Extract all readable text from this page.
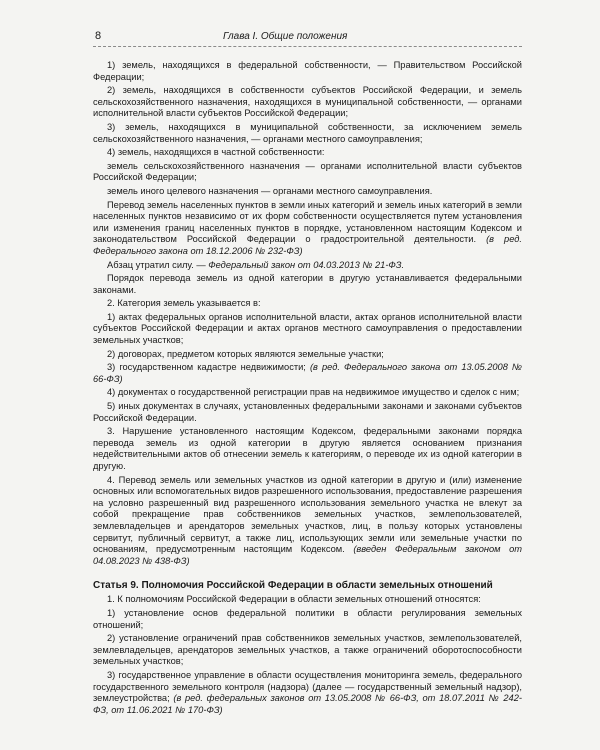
8	Глава I. Общие положения

1) земель, находящихся в федеральной собственности, — Правительством Российской Федерации;

2) земель, находящихся в собственности субъектов Российской Федерации, и земель сельскохозяйственного назначения, находящихся в муниципальной собственности, — органами исполнительной власти субъектов Российской Федерации;

3) земель, находящихся в муниципальной собственности, за исключением земель сельскохозяйственного назначения, — органами местного самоуправления;

4) земель, находящихся в частной собственности:

земель сельскохозяйственного назначения — органами исполнительной власти субъектов Российской Федерации;

земель иного целевого назначения — органами местного самоуправления.

Перевод земель населенных пунктов в земли иных категорий и земель иных категорий в земли населенных пунктов независимо от их форм собственности осуществляется путем установления или изменения границ населенных пунктов в порядке, установленном настоящим Кодексом и законодательством Российской Федерации о градостроительной деятельности. (в ред. Федерального закона от 18.12.2006 № 232-ФЗ)

Абзац утратил силу. — Федеральный закон от 04.03.2013 № 21-ФЗ.

Порядок перевода земель из одной категории в другую устанавливается федеральными законами.

2. Категория земель указывается в:

1) актах федеральных органов исполнительной власти, актах органов исполнительной власти субъектов Российской Федерации и актах органов местного самоуправления о предоставлении земельных участков;

2) договорах, предметом которых являются земельные участки;

3) государственном кадастре недвижимости; (в ред. Федерального закона от 13.05.2008 № 66-ФЗ)

4) документах о государственной регистрации прав на недвижимое имущество и сделок с ним;

5) иных документах в случаях, установленных федеральными законами и законами субъектов Российской Федерации.

3. Нарушение установленного настоящим Кодексом, федеральными законами порядка перевода земель из одной категории в другую является основанием признания недействительными актов об отнесении земель к категориям, о переводе их из одной категории в другую.

4. Перевод земель или земельных участков из одной категории в другую и (или) изменение основных или вспомогательных видов разрешенного использования, предоставление разрешения на условно разрешенный вид разрешенного использования земельного участка не влекут за собой прекращение прав собственников земельных участков, землепользователей, землевладельцев и арендаторов земельных участков, лиц, в пользу которых установлены сервитут, публичный сервитут, а также лиц, использующих земли или земельные участки по основаниям, предусмотренным настоящим Кодексом. (введен Федеральным законом от 04.08.2023 № 438-ФЗ)

Статья 9. Полномочия Российской Федерации в области земельных отношений

1. К полномочиям Российской Федерации в области земельных отношений относятся:

1) установление основ федеральной политики в области регулирования земельных отношений;

2) установление ограничений прав собственников земельных участков, землепользователей, землевладельцев, арендаторов земельных участков, а также ограничений оборотоспособности земельных участков;

3) государственное управление в области осуществления мониторинга земель, федерального государственного земельного контроля (надзора) (далее — государственный земельный надзор), землеустройства; (в ред. федеральных законов от 13.05.2008 № 66-ФЗ, от 18.07.2011 № 242-ФЗ, от 11.06.2021 № 170-ФЗ)
